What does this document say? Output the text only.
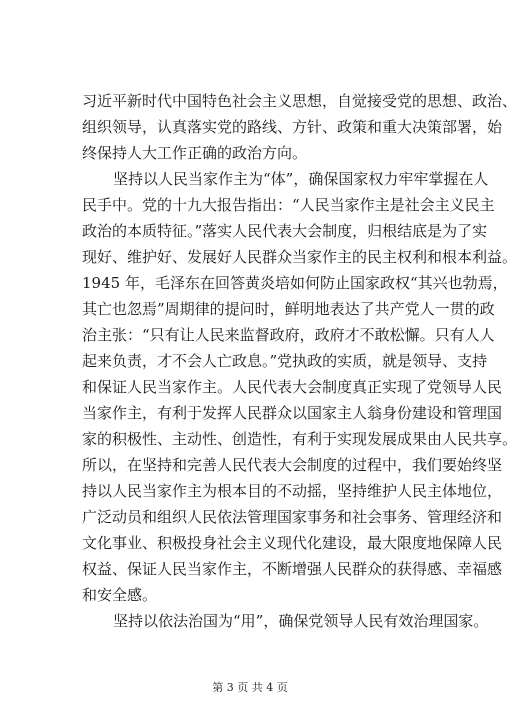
习近平新时代中国特色社会主义思想，自觉接受党的思想、政治、
组织领导，认真落实党的路线、方针、政策和重大决策部署，始
终保持人大工作正确的政治方向。
坚持以人民当家作主为“体”，确保国家权力牢牢掌握在人
民手中。党的十九大报告指出：“人民当家作主是社会主义民主
政治的本质特征。”落实人民代表大会制度，归根结底是为了实
现好、维护好、发展好人民群众当家作主的民主权利和根本利益。
1945 年，毛泽东在回答黄炎培如何防止国家政权“其兴也勃焉，
其亡也忽焉”周期律的提问时，鲜明地表达了共产党人一贯的政
治主张：“只有让人民来监督政府，政府才不敢松懈。只有人人
起来负责，才不会人亡政息。”党执政的实质，就是领导、支持
和保证人民当家作主。人民代表大会制度真正实现了党领导人民
当家作主，有利于发挥人民群众以国家主人翁身份建设和管理国
家的积极性、主动性、创造性，有利于实现发展成果由人民共享。
所以，在坚持和完善人民代表大会制度的过程中，我们要始终坚
持以人民当家作主为根本目的不动摇，坚持维护人民主体地位，
广泛动员和组织人民依法管理国家事务和社会事务、管理经济和
文化事业、积极投身社会主义现代化建设，最大限度地保障人民
权益、保证人民当家作主，不断增强人民群众的获得感、幸福感
和安全感。
坚持以依法治国为“用”，确保党领导人民有效治理国家。
第 3 页 共 4 页
